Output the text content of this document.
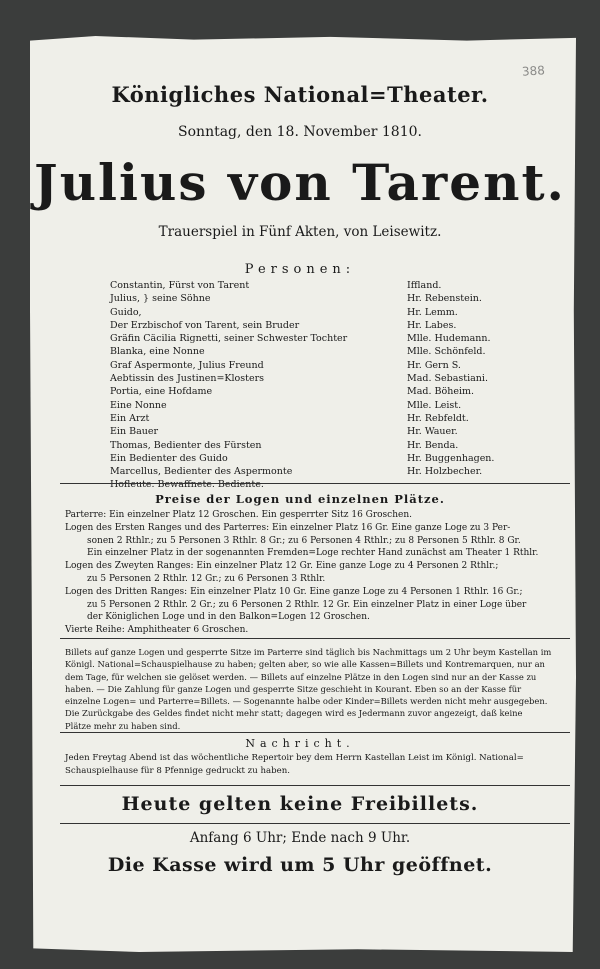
388
Königliches National=Theater.
Sonntag, den 18. November 1810.
Julius von Tarent.
Trauerspiel in Fünf Akten, von Leisewitz.
Personen:
Constantin, Fürst von Tarent	Iffland.
Julius, } seine Söhne	Hr. Rebenstein.
Guido,	Hr. Lemm.
Der Erzbischof von Tarent, sein Bruder	Hr. Labes.
Gräfin Cäcilia Rignetti, seiner Schwester Tochter	Mlle. Hudemann.
Blanka, eine Nonne	Mlle. Schönfeld.
Graf Aspermonte, Julius Freund	Hr. Gern S.
Aebtissin des Justinen=Klosters	Mad. Sebastiani.
Portia, eine Hofdame	Mad. Böheim.
Eine Nonne	Mlle. Leist.
Ein Arzt	Hr. Rebfeldt.
Ein Bauer	Hr. Wauer.
Thomas, Bedienter des Fürsten	Hr. Benda.
Ein Bedienter des Guido	Hr. Buggenhagen.
Marcellus, Bedienter des Aspermonte	Hr. Holzbecher.
Hofleute. Bewaffnete. Bediente.
Preise der Logen und einzelnen Plätze.
Parterre: Ein einzelner Platz 12 Groschen. Ein gesperrter Sitz 16 Groschen.
Logen des Ersten Ranges und des Parterres: Ein einzelner Platz 16 Gr. Eine ganze Loge zu 3 Per-
sonen 2 Rthlr.; zu 5 Personen 3 Rthlr. 8 Gr.; zu 6 Personen 4 Rthlr.; zu 8 Personen 5 Rthlr. 8 Gr.
Ein einzelner Platz in der sogenannten Fremden=Loge rechter Hand zunächst am Theater 1 Rthlr.
Logen des Zweyten Ranges: Ein einzelner Platz 12 Gr. Eine ganze Loge zu 4 Personen 2 Rthlr.;
zu 5 Personen 2 Rthlr. 12 Gr.; zu 6 Personen 3 Rthlr.
Logen des Dritten Ranges: Ein einzelner Platz 10 Gr. Eine ganze Loge zu 4 Personen 1 Rthlr. 16 Gr.;
zu 5 Personen 2 Rthlr. 2 Gr.; zu 6 Personen 2 Rthlr. 12 Gr. Ein einzelner Platz in einer Loge über
der Königlichen Loge und in den Balkon=Logen 12 Groschen.
Vierte Reihe: Amphitheater 6 Groschen.
Billets auf ganze Logen und gesperrte Sitze im Parterre sind täglich bis Nachmittags um 2 Uhr beym Kastellan im
Königl. National=Schauspielhause zu haben; gelten aber, so wie alle Kassen=Billets und Kontremarquen, nur an
dem Tage, für welchen sie gelöset werden. — Billets auf einzelne Plätze in den Logen sind nur an der Kasse zu
haben. — Die Zahlung für ganze Logen und gesperrte Sitze geschieht in Kourant. Eben so an der Kasse für
einzelne Logen= und Parterre=Billets. — Sogenannte halbe oder Kinder=Billets werden nicht mehr ausgegeben.
Die Zurückgabe des Geldes findet nicht mehr statt; dagegen wird es Jedermann zuvor angezeigt, daß keine
Plätze mehr zu haben sind.
Nachricht.
Jeden Freytag Abend ist das wöchentliche Repertoir bey dem Herrn Kastellan Leist im Königl. National=
Schauspielhause für 8 Pfennige gedruckt zu haben.
Heute gelten keine Freibillets.
Anfang 6 Uhr; Ende nach 9 Uhr.
Die Kasse wird um 5 Uhr geöffnet.
